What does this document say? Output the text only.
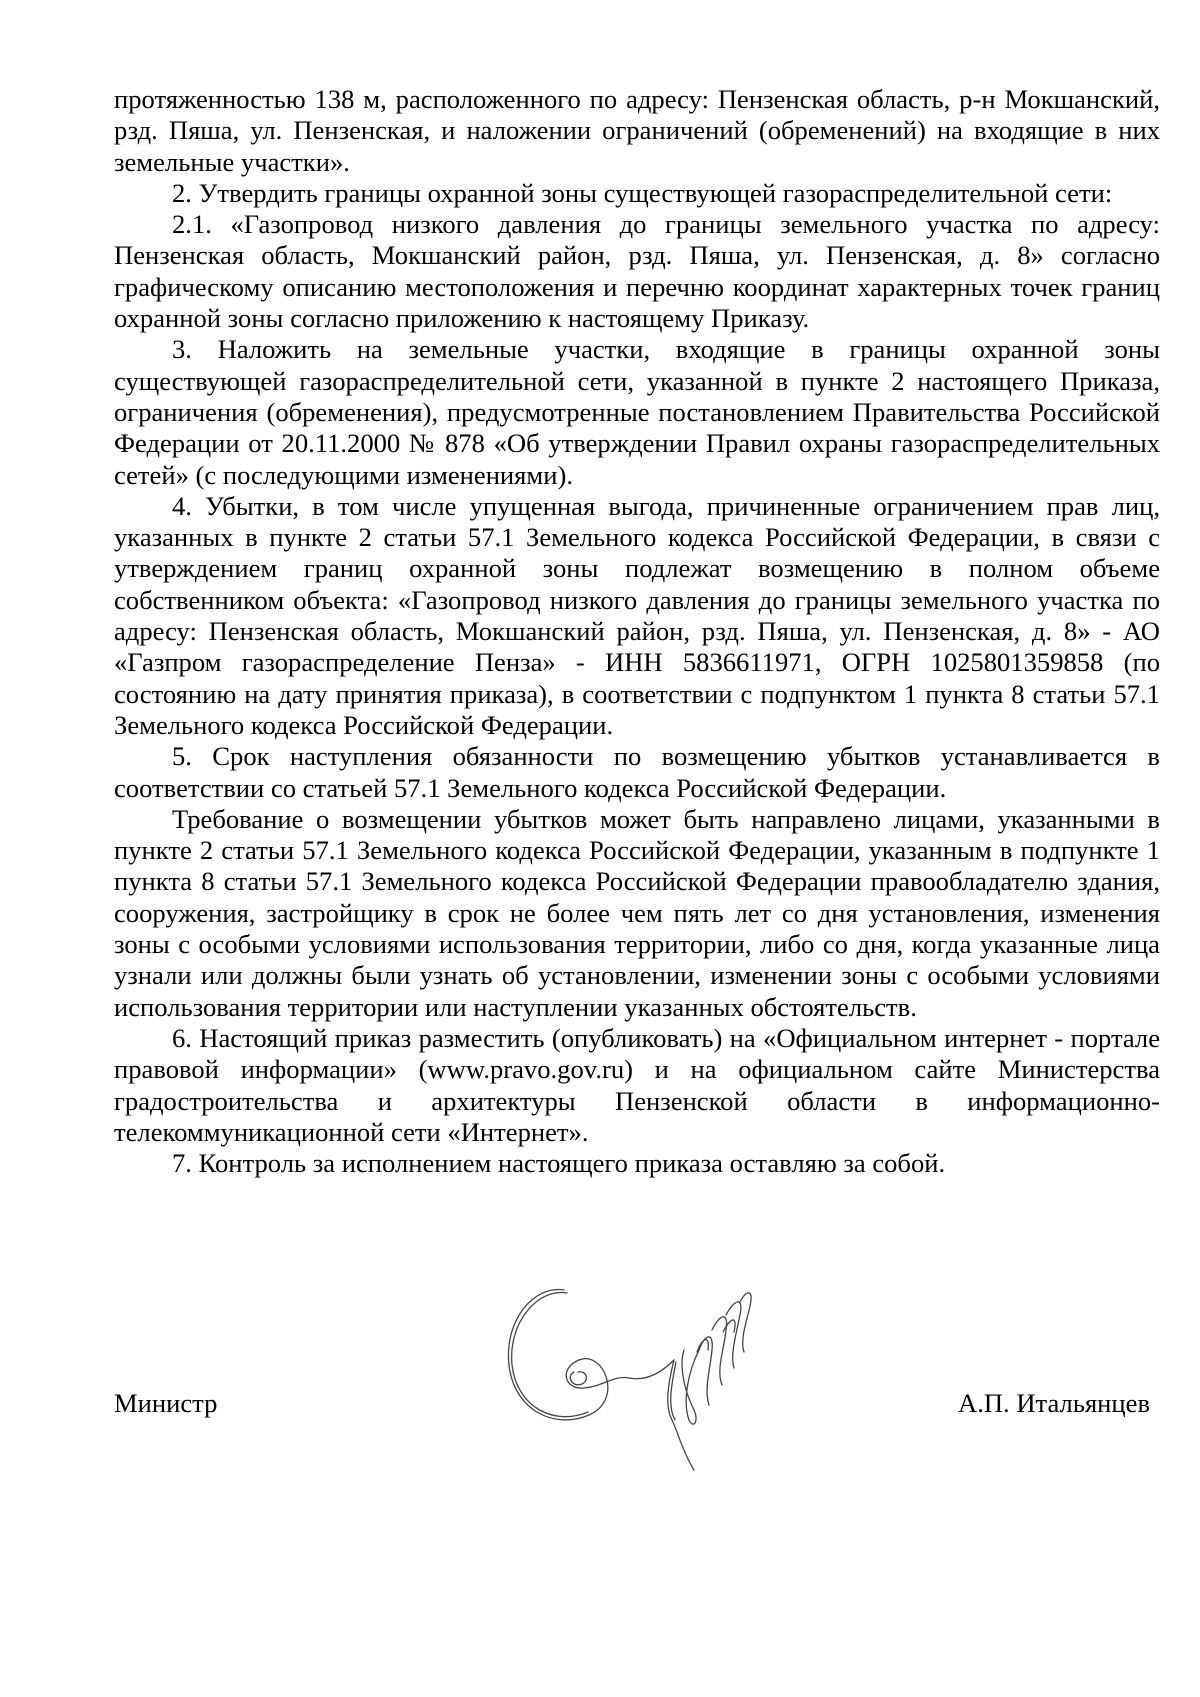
протяженностью 138 м, расположенного по адресу: Пензенская область, р-н Мокшанский, рзд. Пяша, ул. Пензенская, и наложении ограничений (обременений) на входящие в них земельные участки».

2. Утвердить границы охранной зоны существующей газораспределительной сети:

2.1. «Газопровод низкого давления до границы земельного участка по адресу: Пензенская область, Мокшанский район, рзд. Пяша, ул. Пензенская, д. 8» согласно графическому описанию местоположения и перечню координат характерных точек границ охранной зоны согласно приложению к настоящему Приказу.

3. Наложить на земельные участки, входящие в границы охранной зоны существующей газораспределительной сети, указанной в пункте 2 настоящего Приказа, ограничения (обременения), предусмотренные постановлением Правительства Российской Федерации от 20.11.2000 № 878 «Об утверждении Правил охраны газораспределительных сетей» (с последующими изменениями).

4. Убытки, в том числе упущенная выгода, причиненные ограничением прав лиц, указанных в пункте 2 статьи 57.1 Земельного кодекса Российской Федерации, в связи с утверждением границ охранной зоны подлежат возмещению в полном объеме собственником объекта: «Газопровод низкого давления до границы земельного участка по адресу: Пензенская область, Мокшанский район, рзд. Пяша, ул. Пензенская, д. 8» - АО «Газпром газораспределение Пенза» - ИНН 5836611971, ОГРН 1025801359858 (по состоянию на дату принятия приказа), в соответствии с подпунктом 1 пункта 8 статьи 57.1 Земельного кодекса Российской Федерации.

5. Срок наступления обязанности по возмещению убытков устанавливается в соответствии со статьей 57.1 Земельного кодекса Российской Федерации.

Требование о возмещении убытков может быть направлено лицами, указанными в пункте 2 статьи 57.1 Земельного кодекса Российской Федерации, указанным в подпункте 1 пункта 8 статьи 57.1 Земельного кодекса Российской Федерации правообладателю здания, сооружения, застройщику в срок не более чем пять лет со дня установления, изменения зоны с особыми условиями использования территории, либо со дня, когда указанные лица узнали или должны были узнать об установлении, изменении зоны с особыми условиями использования территории или наступлении указанных обстоятельств.

6. Настоящий приказ разместить (опубликовать) на «Официальном интернет - портале правовой информации» (www.pravo.gov.ru) и на официальном сайте Министерства градостроительства и архитектуры Пензенской области в информационно-телекоммуникационной сети «Интернет».

7. Контроль за исполнением настоящего приказа оставляю за собой.

Министр	А.П. Итальянцев
